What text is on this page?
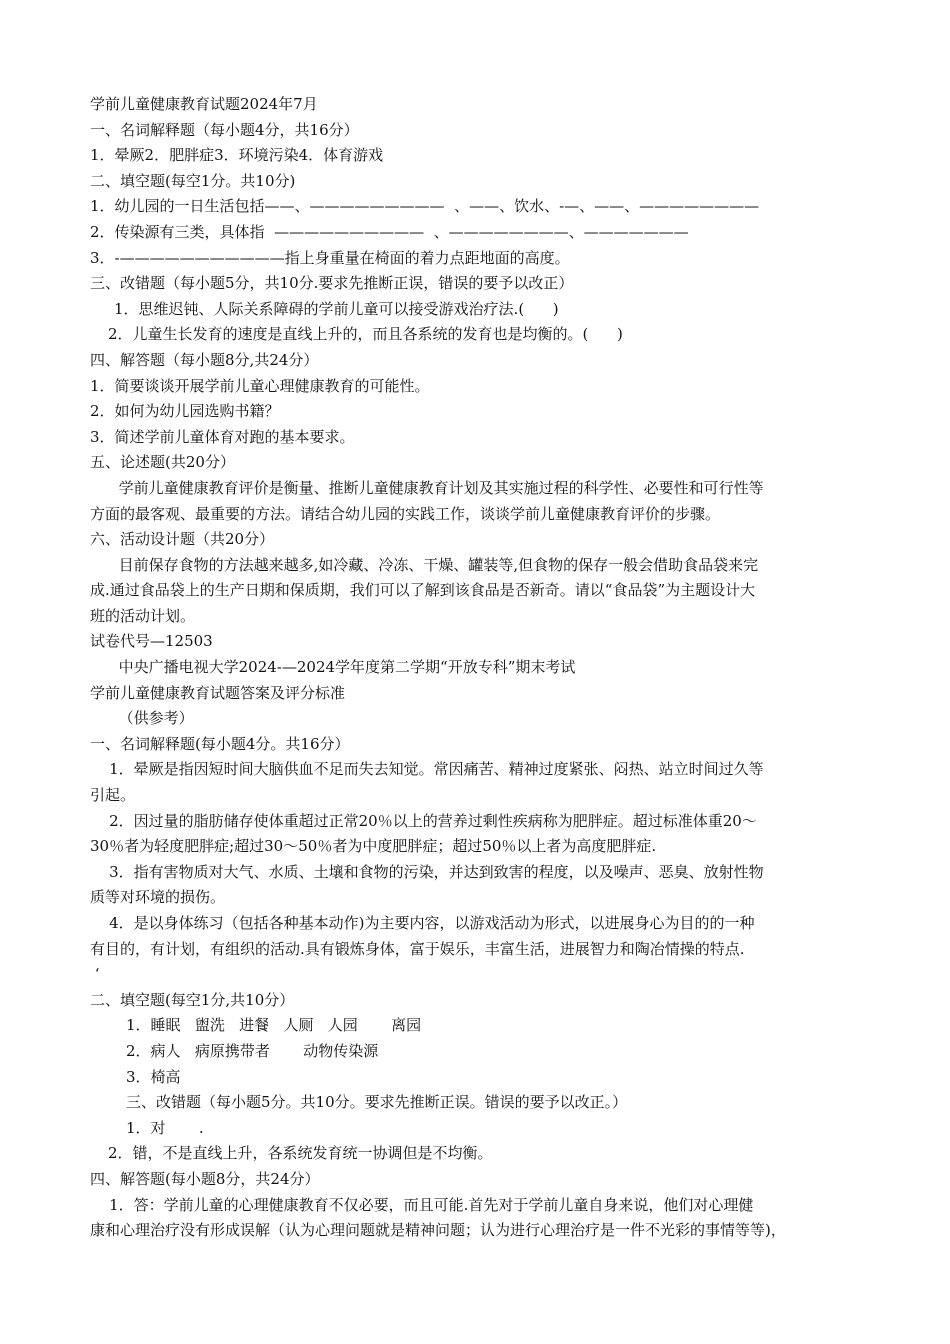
学前儿童健康教育试题2024年7月
一、名词解释题（每小题4分，共16分）
1．晕厥2．肥胖症3．环境污染4．体育游戏
二、填空题(每空1分。共10分)
1．幼儿园的一日生活包括——、—————————  、——、饮水、-—、——、————————
2．传染源有三类，具体指  ——————————  、————————、———————
3．-———————————指上身重量在椅面的着力点距地面的高度。
三、改错题（每小题5分，共10分.要求先推断正误，错误的要予以改正）
1．思维迟钝、人际关系障碍的学前儿童可以接受游戏治疗法.(      )
2．儿童生长发育的速度是直线上升的，而且各系统的发育也是均衡的。(      )
四、解答题（每小题8分,共24分）
1．简要谈谈开展学前儿童心理健康教育的可能性。
2．如何为幼儿园选购书籍？
3．简述学前儿童体育对跑的基本要求。
五、论述题(共20分）
学前儿童健康教育评价是衡量、推断儿童健康教育计划及其实施过程的科学性、必要性和可行性等
方面的最客观、最重要的方法。请结合幼儿园的实践工作，谈谈学前儿童健康教育评价的步骤。
六、活动设计题（共20分）
目前保存食物的方法越来越多,如冷藏、冷冻、干燥、罐装等,但食物的保存一般会借助食品袋来完
成.通过食品袋上的生产日期和保质期，我们可以了解到该食品是否新奇。请以“食品袋”为主题设计大
班的活动计划。
试卷代号—12503
中央广播电视大学2024-—2024学年度第二学期“开放专科”期末考试
学前儿童健康教育试题答案及评分标准
（供参考）
一、名词解释题(每小题4分。共16分）
1．晕厥是指因短时间大脑供血不足而失去知觉。常因痛苦、精神过度紧张、闷热、站立时间过久等
引起。
2．因过量的脂肪储存使体重超过正常20％以上的营养过剩性疾病称为肥胖症。超过标准体重20～
30％者为轻度肥胖症;超过30～50％者为中度肥胖症；超过50％以上者为高度肥胖症.
3．指有害物质对大气、水质、土壤和食物的污染，并达到致害的程度，以及噪声、恶臭、放射性物
质等对环境的损伤。
4．是以身体练习（包括各种基本动作)为主要内容，以游戏活动为形式，以进展身心为目的的一种
有目的，有计划，有组织的活动.具有锻炼身体，富于娱乐，丰富生活，进展智力和陶冶情操的特点.
‘
二、填空题(每空1分,共10分）
1．睡眠   盥洗   进餐   人厕   人园       离园
2．病人   病原携带者       动物传染源
3．椅高
三、改错题（每小题5分。共10分。要求先推断正误。错误的要予以改正。）
1．对       .
2．错，不是直线上升，各系统发育统一协调但是不均衡。
四、解答题(每小题8分，共24分）
1．答：学前儿童的心理健康教育不仅必要，而且可能.首先对于学前儿童自身来说，他们对心理健
康和心理治疗没有形成误解（认为心理问题就是精神问题；认为进行心理治疗是一件不光彩的事情等等)，
